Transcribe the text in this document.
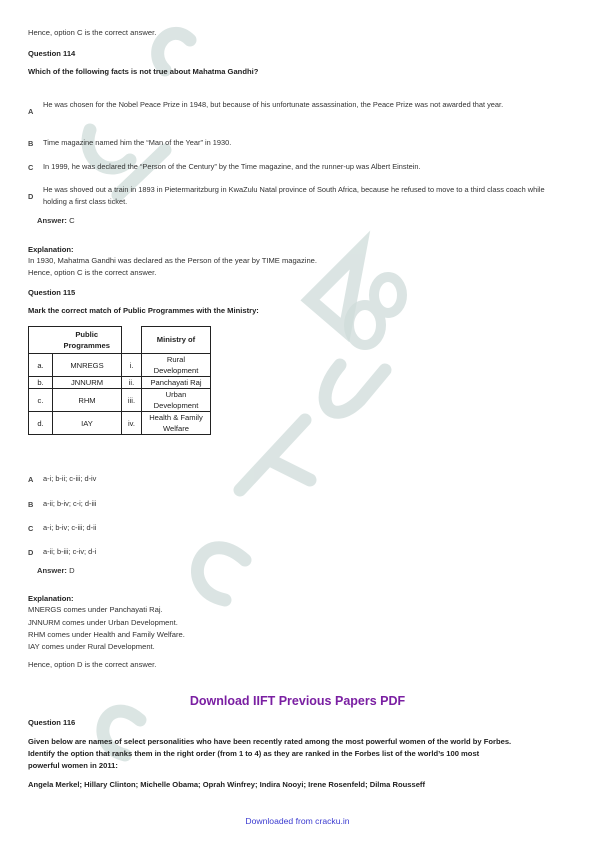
Hence, option C is the correct answer.
Question 114
Which of the following facts is not true about Mahatma Gandhi?
A
He was chosen for the Nobel Peace Prize in 1948, but because of his unfortunate assassination, the Peace Prize was not awarded that year.
B Time magazine named him the “Man of the Year” in 1930.
C In 1999, he was declared the “Person of the Century” by the Time magazine, and the runner-up was Albert Einstein.
D
He was shoved out a train in 1893 in Pietermaritzburg in KwaZulu Natal province of South Africa, because he refused to move to a third class coach while holding a first class ticket.
Answer: C
Explanation:
In 1930, Mahatma Gandhi was declared as the Person of the year by TIME magazine.
Hence, option C is the correct answer.
Question 115
Mark the correct match of Public Programmes with the Ministry:

	Public
Programmes		Ministry of
a.	MNREGS	i.	Rural
Development

b.	JNNURM	ii.	Panchayati Raj

c.	RHM	iii.	Urban
Development

d.	IAY	iv.	Health & Family
Welfare
A a-i; b-ii; c-iii; d-iv
B a-ii; b-iv; c-i; d-iii
C a-i; b-iv; c-iii; d-ii
D a-ii; b-iii; c-iv; d-i
Answer: D
Explanation:
MNERGS comes under Panchayati Raj.
JNNURM comes under Urban Development.
RHM comes under Health and Family Welfare.
IAY comes under Rural Development.
Hence, option D is the correct answer.
Download IIFT Previous Papers PDF
Question 116
Given below are names of select personalities who have been recently rated among the most powerful women of the world by Forbes.
Identify the option that ranks them in the right order (from 1 to 4) as they are ranked in the Forbes list of the world’s 100 most
powerful women in 2011:
Angela Merkel; Hillary Clinton; Michelle Obama; Oprah Winfrey; Indira Nooyi; Irene Rosenfeld; Dilma Rousseff
Downloaded from cracku.in
